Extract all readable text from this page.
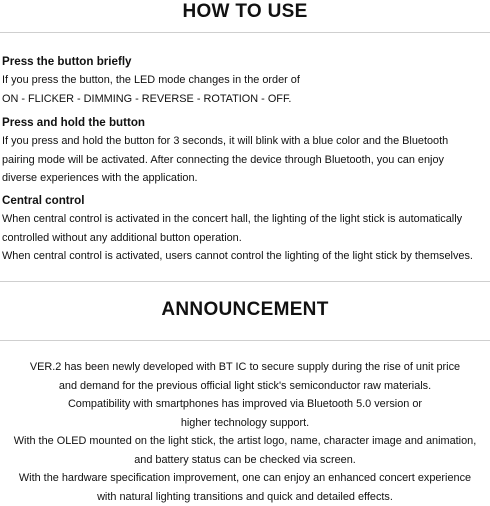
HOW TO USE
Press the button briefly

If you press the button, the LED mode changes in the order of

ON - FLICKER - DIMMING - REVERSE - ROTATION - OFF.

Press and hold the button

If you press and hold the button for 3 seconds, it will blink with a blue color and the Bluetooth

pairing mode will be activated. After connecting the device through Bluetooth, you can enjoy

diverse experiences with the application.

Central control

When central control is activated in the concert hall, the lighting of the light stick is automatically

controlled without any additional button operation.

When central control is activated, users cannot control the lighting of the light stick by themselves.

ANNOUNCEMENT
VER.2 has been newly developed with BT IC to secure supply during the rise of unit price
and demand for the previous official light stick's semiconductor raw materials.
Compatibility with smartphones has improved via Bluetooth 5.0 version or
higher technology support.
With the OLED mounted on the light stick, the artist logo, name, character image and animation,
and battery status can be checked via screen.
With the hardware specification improvement, one can enjoy an enhanced concert experience
with natural lighting transitions and quick and detailed effects.
